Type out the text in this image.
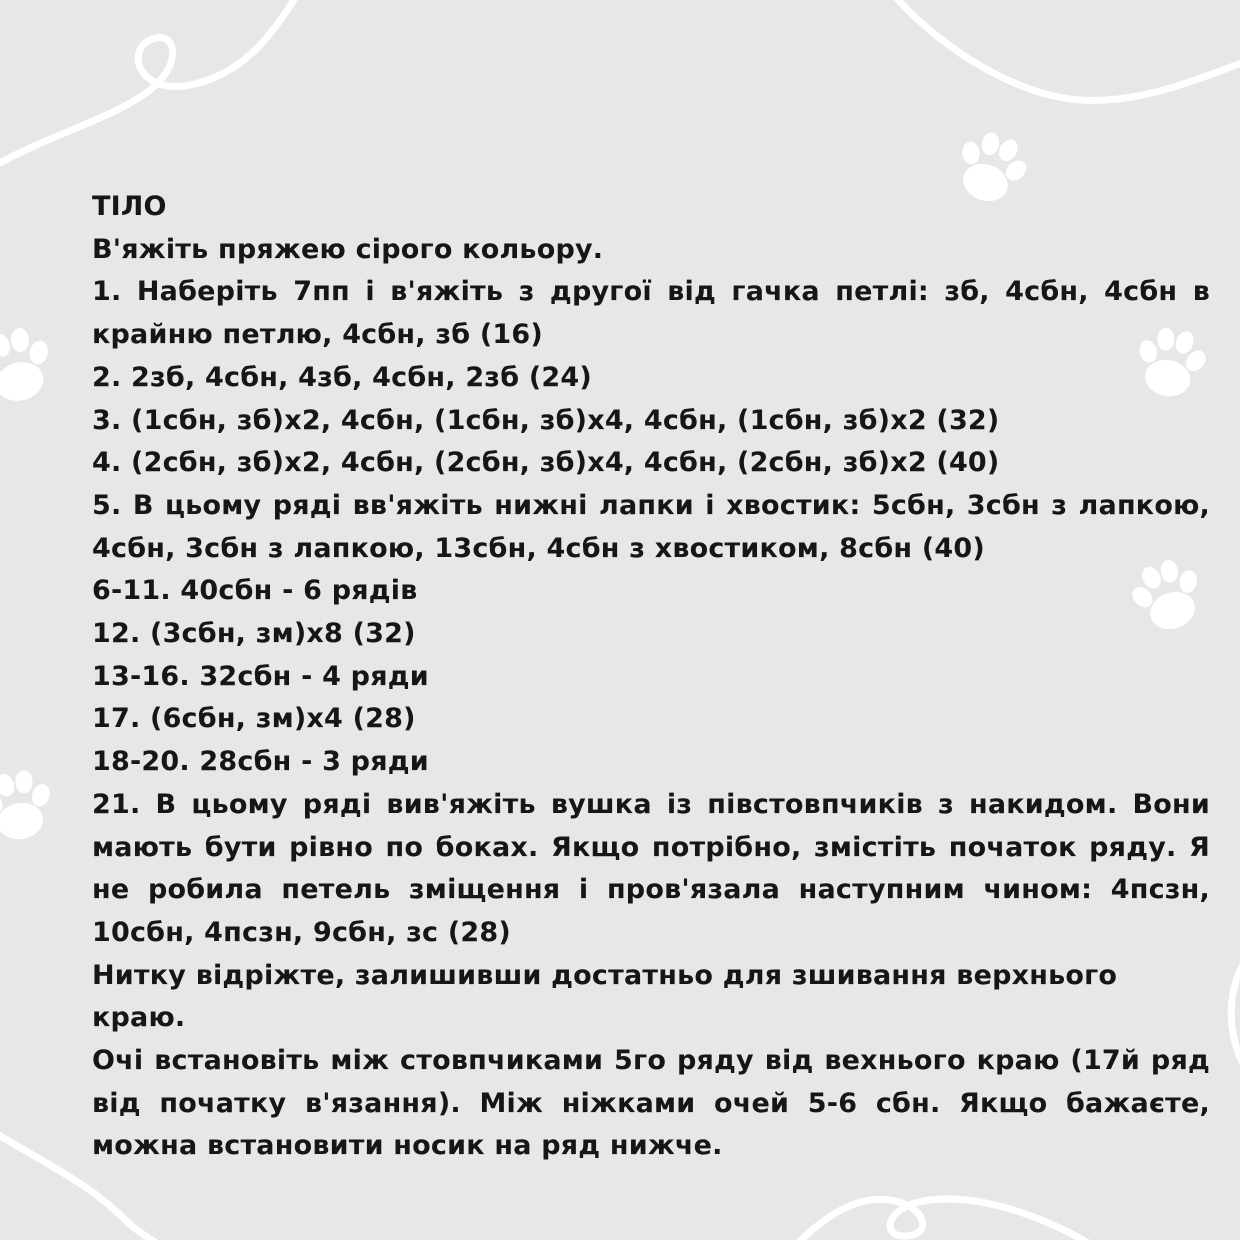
ТІЛО

В'яжіть пряжею сірого кольору.

1. Наберіть 7пп і в'яжіть з другої від гачка петлі: зб, 4сбн, 4сбн в крайню петлю, 4сбн, зб (16)

2. 2зб, 4сбн, 4зб, 4сбн, 2зб (24)

3. (1сбн, зб)х2, 4сбн, (1сбн, зб)х4, 4сбн, (1сбн, зб)х2 (32)

4. (2сбн, зб)х2, 4сбн, (2сбн, зб)х4, 4сбн, (2сбн, зб)х2 (40)

5. В цьому ряді вв'яжіть нижні лапки і хвостик: 5сбн, 3сбн з лапкою, 4сбн, 3сбн з лапкою, 13сбн, 4сбн з хвостиком, 8сбн (40)

6-11. 40сбн - 6 рядів

12. (3сбн, зм)х8 (32)

13-16. 32сбн - 4 ряди

17. (6сбн, зм)х4 (28)

18-20. 28сбн - 3 ряди

21. В цьому ряді вив'яжіть вушка із півстовпчиків з накидом. Вони мають бути рівно по боках. Якщо потрібно, змістіть початок ряду. Я не робила петель зміщення і пров'язала наступним чином: 4псзн, 10сбн, 4псзн, 9сбн, зс (28)

Нитку відріжте, залишивши достатньо для зшивання верхнього краю.

Очі встановіть між стовпчиками 5го ряду від вехнього краю (17й ряд від початку в'язання). Між ніжками очей 5-6 сбн. Якщо бажаєте, можна встановити носик на ряд нижче.
